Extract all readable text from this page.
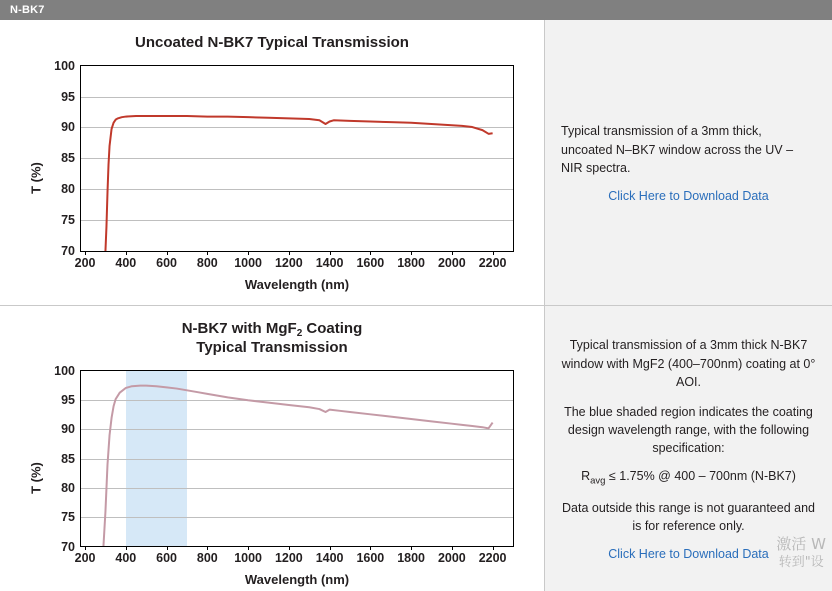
N-BK7
Uncoated N-BK7 Typical Transmission
T (%)
70
75
80
85
90
95
100
200 400 600 800 1000 1200 1400 1600 1800 2000 2200
Wavelength (nm)

Typical transmission of a 3mm thick, uncoated N–BK7 window across the UV – NIR spectra.

Click Here to Download Data
N-BK7 with MgF$_2$ Coating
Typical Transmission
T (%)
70
75
80
85
90
95
100
200 400 600 800 1000 1200 1400 1600 1800 2000 2200
Wavelength (nm)

Typical transmission of a 3mm thick N-BK7 window with MgF2 (400–700nm) coating at 0° AOI.

The blue shaded region indicates the coating design wavelength range, with the following specification:

$R_{avg} \le 1.75\%$ @ 400 – 700nm (N-BK7)

Data outside this range is not guaranteed and is for reference only.

Click Here to Download Data
激活 W
转到"设
